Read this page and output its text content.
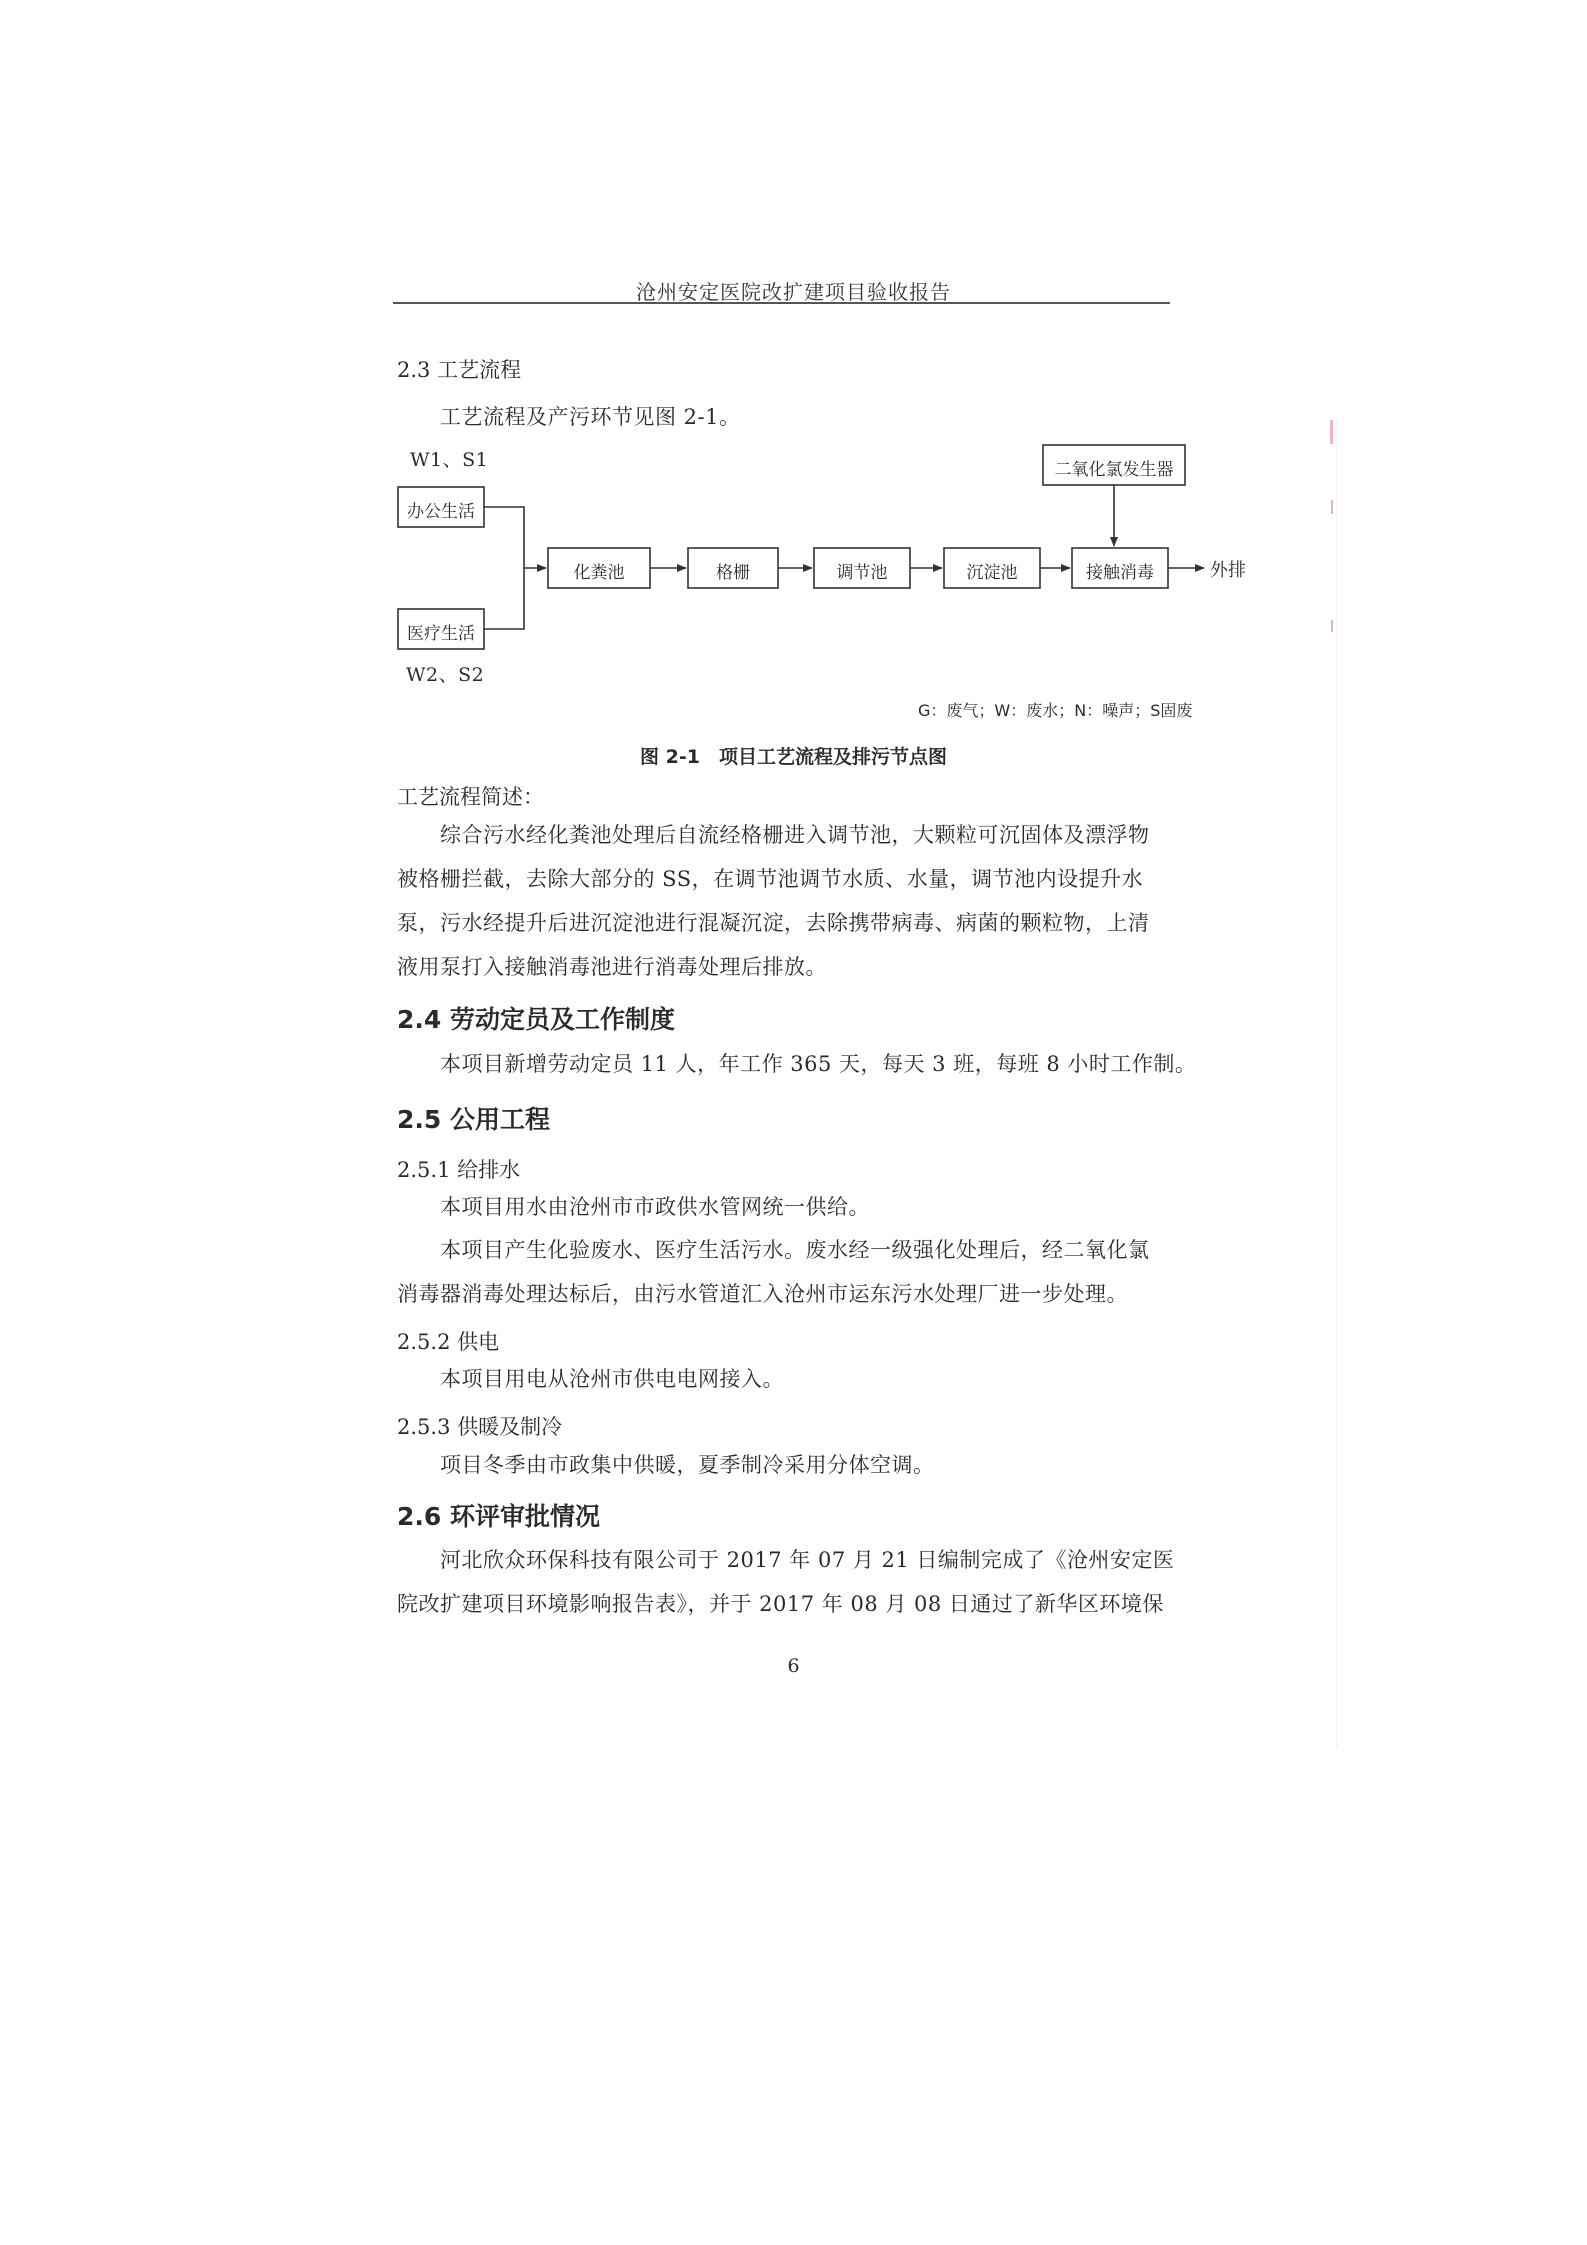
沧州安定医院改扩建项目验收报告
2.3 工艺流程
工艺流程及产污环节见图 2-1。
W1、S1
W2、S2
办公生活
医疗生活
化粪池	格栅	调节池	沉淀池	接触消毒
二氧化氯发生器
外排
G：废气；W：废水；N：噪声；S固废
图 2-1　项目工艺流程及排污节点图
工艺流程简述：
综合污水经化粪池处理后自流经格栅进入调节池，大颗粒可沉固体及漂浮物
被格栅拦截，去除大部分的 SS，在调节池调节水质、水量，调节池内设提升水
泵，污水经提升后进沉淀池进行混凝沉淀，去除携带病毒、病菌的颗粒物，上清
液用泵打入接触消毒池进行消毒处理后排放。
2.4 劳动定员及工作制度
本项目新增劳动定员 11 人，年工作 365 天，每天 3 班，每班 8 小时工作制。
2.5 公用工程
2.5.1 给排水
本项目用水由沧州市市政供水管网统一供给。
本项目产生化验废水、医疗生活污水。废水经一级强化处理后，经二氧化氯
消毒器消毒处理达标后，由污水管道汇入沧州市运东污水处理厂进一步处理。
2.5.2 供电
本项目用电从沧州市供电电网接入。
2.5.3 供暖及制冷
项目冬季由市政集中供暖，夏季制冷采用分体空调。
2.6 环评审批情况
河北欣众环保科技有限公司于 2017 年 07 月 21 日编制完成了《沧州安定医
院改扩建项目环境影响报告表》，并于 2017 年 08 月 08 日通过了新华区环境保
6
